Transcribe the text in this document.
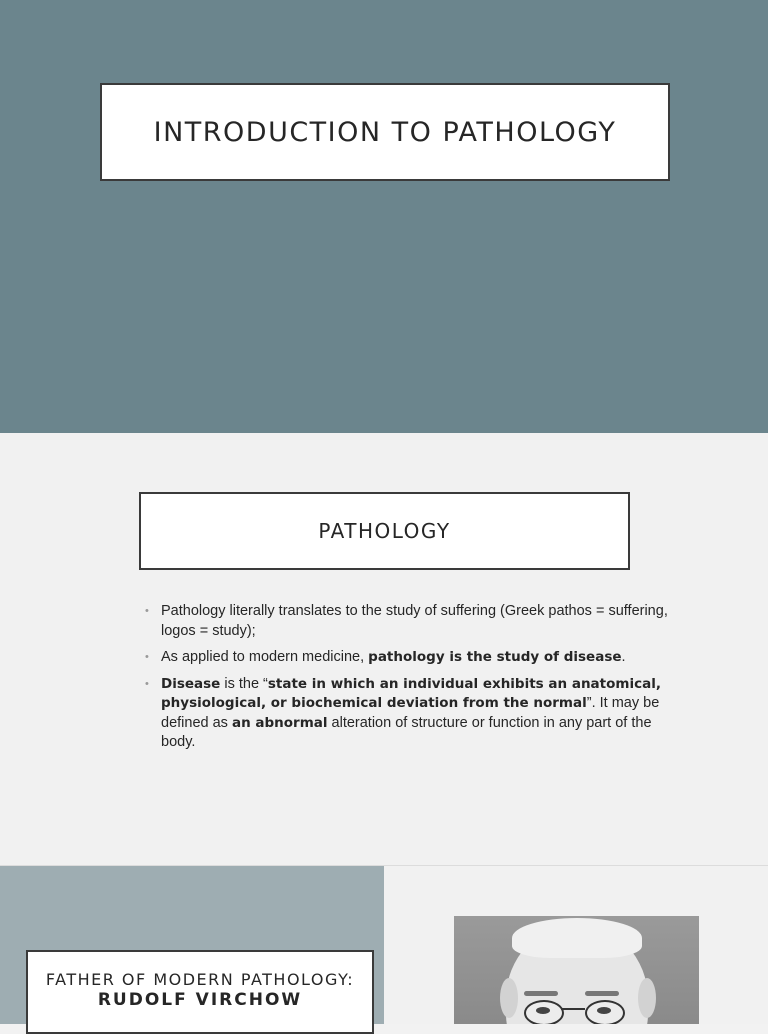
INTRODUCTION TO PATHOLOGY
PATHOLOGY
• Pathology literally translates to the study of suffering (Greek pathos = suffering, logos = study);
• As applied to modern medicine, pathology is the study of disease.
• Disease is the “state in which an individual exhibits an anatomical, physiological, or biochemical deviation from the normal”. It may be defined as an abnormal alteration of structure or function in any part of the body.
FATHER OF MODERN PATHOLOGY:
RUDOLF VIRCHOW
